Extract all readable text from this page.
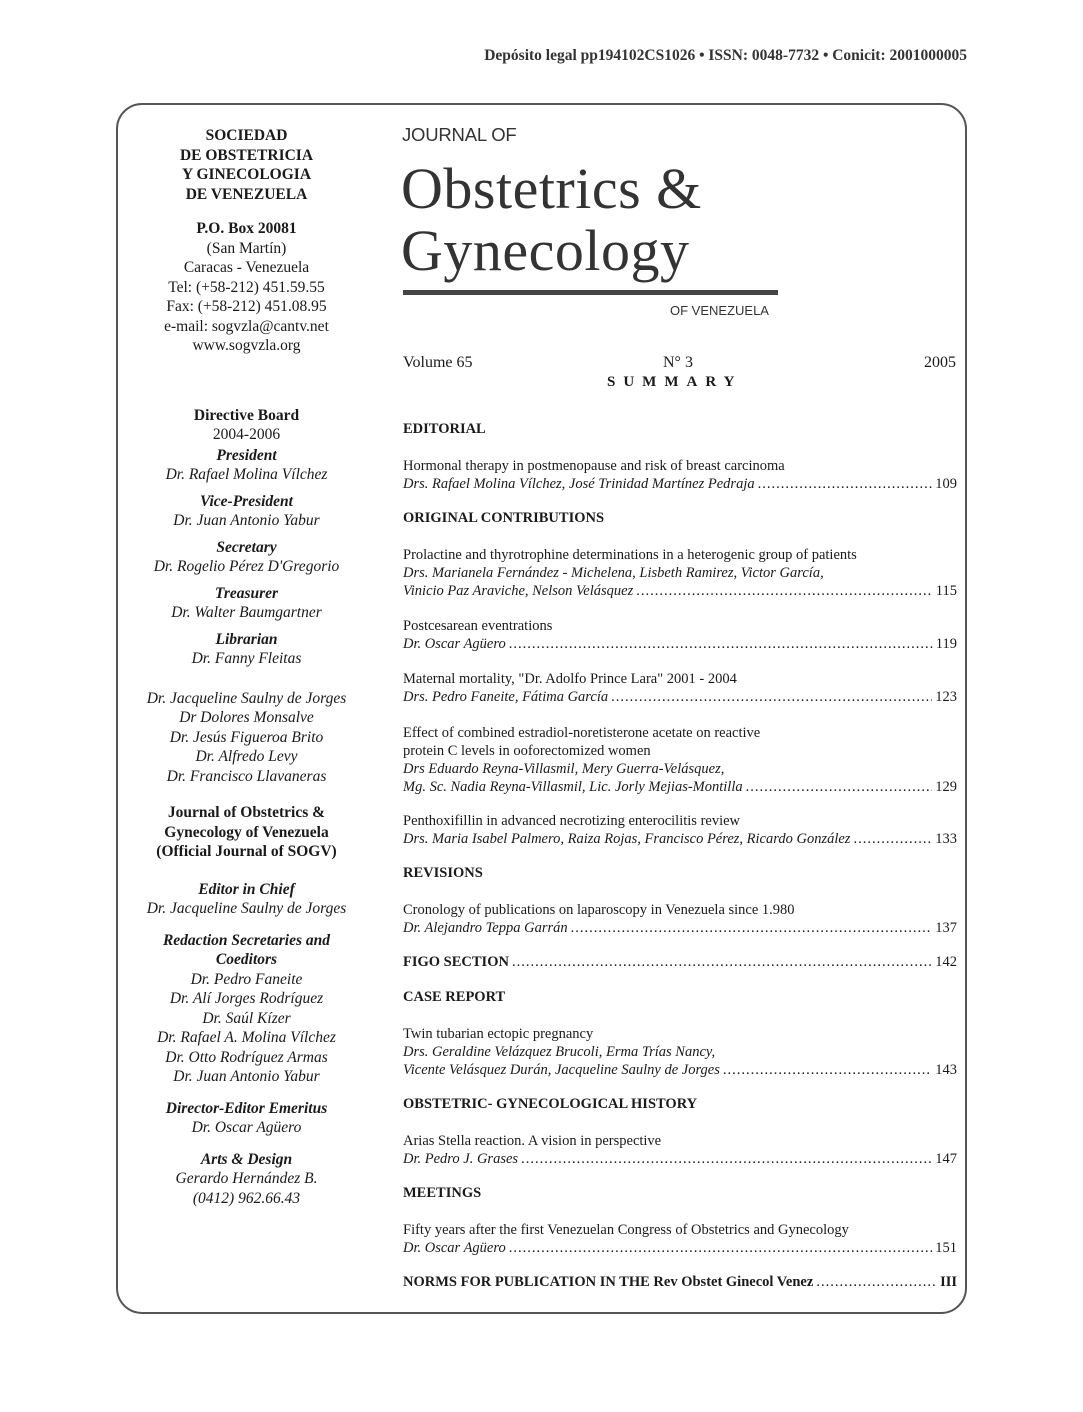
Depósito legal pp194102CS1026 • ISSN: 0048-7732 • Conicit: 2001000005
SOCIEDAD
DE OBSTETRICIA
Y GINECOLOGIA
DE VENEZUELA
P.O. Box 20081
(San Martín)
Caracas - Venezuela
Tel: (+58-212) 451.59.55
Fax: (+58-212) 451.08.95
e-mail: sogvzla@cantv.net
www.sogvzla.org
Directive Board
2004-2006
President
Dr. Rafael Molina Vílchez
Vice-President
Dr. Juan Antonio Yabur
Secretary
Dr. Rogelio Pérez D'Gregorio
Treasurer
Dr. Walter Baumgartner
Librarian
Dr. Fanny Fleitas
Dr. Jacqueline Saulny de Jorges
Dr Dolores Monsalve
Dr. Jesús Figueroa Brito
Dr. Alfredo Levy
Dr. Francisco Llavaneras
Journal of Obstetrics &
Gynecology of Venezuela
(Official Journal of SOGV)
Editor in Chief
Dr. Jacqueline Saulny de Jorges
Redaction Secretaries and
Coeditors
Dr. Pedro Faneite
Dr. Alí Jorges Rodríguez
Dr. Saúl Kízer
Dr. Rafael A. Molina Vílchez
Dr. Otto Rodríguez Armas
Dr. Juan Antonio Yabur
Director-Editor Emeritus
Dr. Oscar Agüero
Arts & Design
Gerardo Hernández B.
(0412) 962.66.43
JOURNAL OF
Obstetrics &
Gynecology
OF VENEZUELA
Volume 65	N° 3	2005
SUMMARY
EDITORIAL
Hormonal therapy in postmenopause and risk of breast carcinoma
Drs. Rafael Molina Vílchez, José Trinidad Martínez Pedraja .....	109
ORIGINAL CONTRIBUTIONS
Prolactine and thyrotrophine determinations in a heterogenic group of patients
Drs. Marianela Fernández - Michelena, Lisbeth Ramirez, Victor García,
Vinicio Paz Araviche, Nelson Velásquez .....	115
Postcesarean eventrations
Dr. Oscar Agüero .....	119
Maternal mortality, "Dr. Adolfo Prince Lara" 2001 - 2004
Drs. Pedro Faneite, Fátima García .....	123
Effect of combined estradiol-noretisterone acetate on reactive
protein C levels in ooforectomized women
Drs Eduardo Reyna-Villasmil, Mery Guerra-Velásquez,
Mg. Sc. Nadia Reyna-Villasmil, Lic. Jorly Mejias-Montilla .....	129
Penthoxifillin in advanced necrotizing enterocilitis review
Drs. Maria Isabel Palmero, Raiza Rojas, Francisco Pérez, Ricardo González .....	133
REVISIONS
Cronology of publications on laparoscopy in Venezuela since 1.980
Dr. Alejandro Teppa Garrán .....	137
FIGO SECTION .....	142
CASE REPORT
Twin tubarian ectopic pregnancy
Drs. Geraldine Velázquez Brucoli, Erma Trías Nancy,
Vicente Velásquez Durán, Jacqueline Saulny de Jorges .....	143
OBSTETRIC- GYNECOLOGICAL HISTORY
Arias Stella reaction. A vision in perspective
Dr. Pedro J. Grases .....	147
MEETINGS
Fifty years after the first Venezuelan Congress of Obstetrics and Gynecology
Dr. Oscar Agüero .....	151
NORMS FOR PUBLICATION IN THE Rev Obstet Ginecol Venez .....	III
